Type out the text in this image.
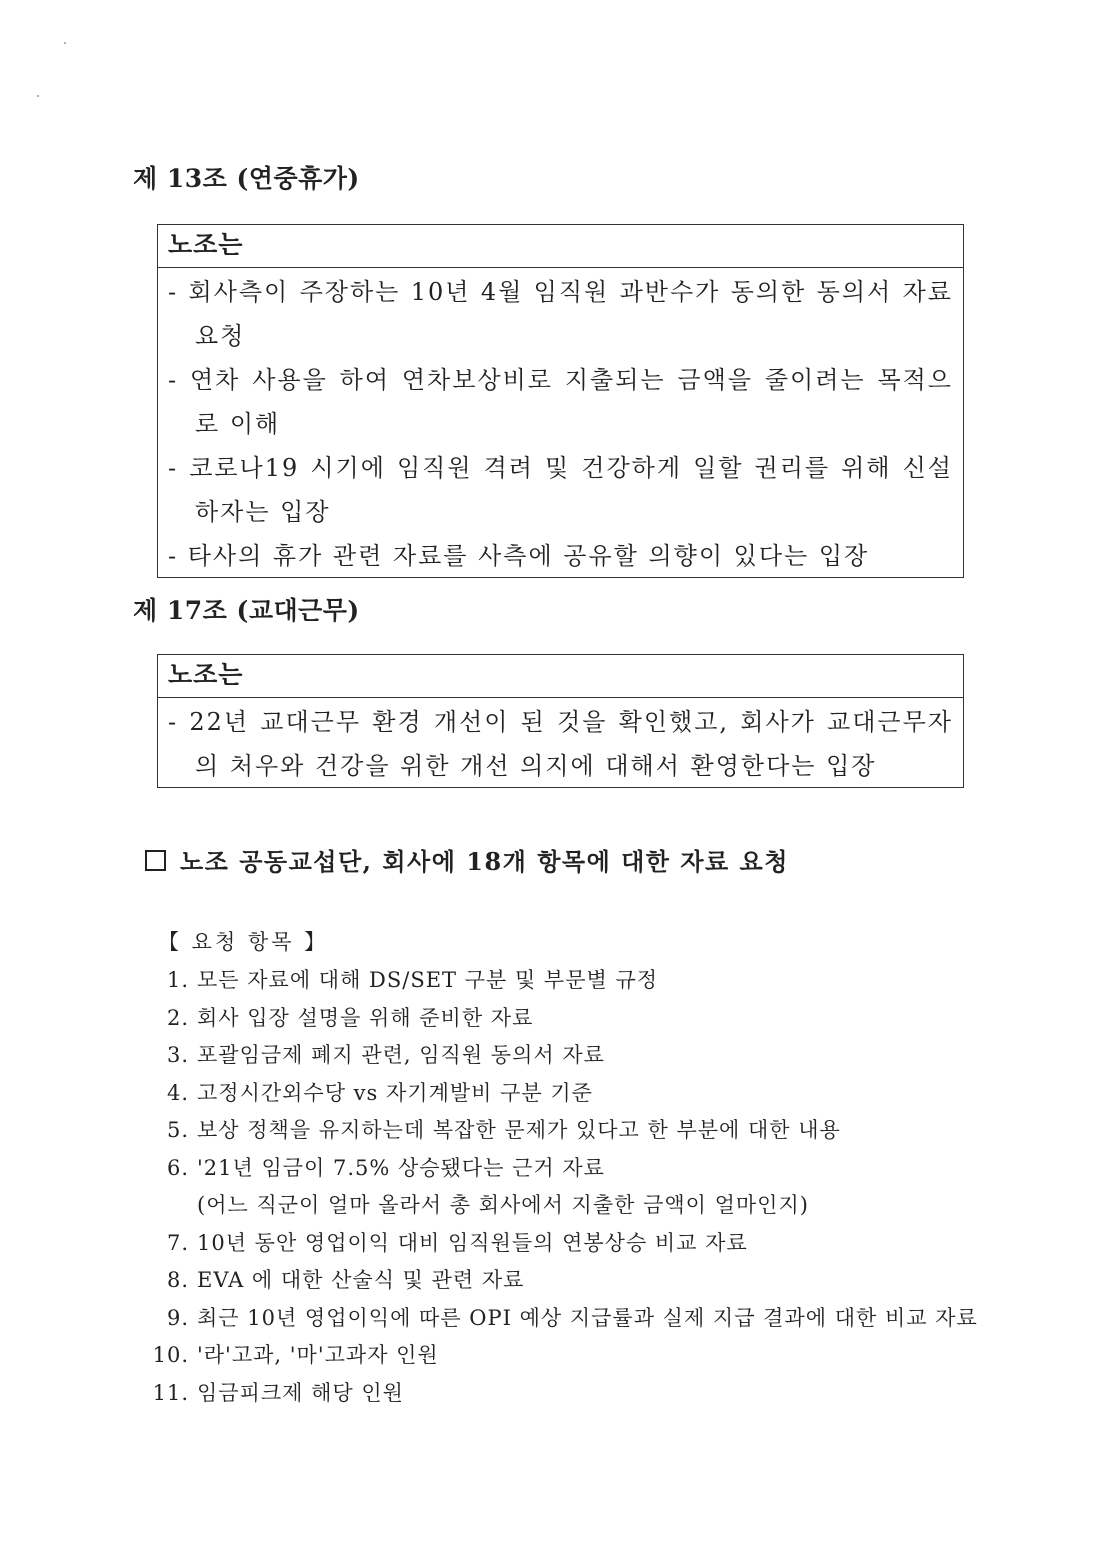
제 13조 (연중휴가)
노조는
- 회사측이 주장하는 10년 4월 임직원 과반수가 동의한 동의서 자료 요청
- 연차 사용을 하여 연차보상비로 지출되는 금액을 줄이려는 목적으로 이해
- 코로나19 시기에 임직원 격려 및 건강하게 일할 권리를 위해 신설하자는 입장
- 타사의 휴가 관련 자료를 사측에 공유할 의향이 있다는 입장
제 17조 (교대근무)
노조는
- 22년 교대근무 환경 개선이 된 것을 확인했고, 회사가 교대근무자의 처우와 건강을 위한 개선 의지에 대해서 환영한다는 입장
노조 공동교섭단, 회사에 18개 항목에 대한 자료 요청
【 요청 항목 】
1. 모든 자료에 대해 DS/SET 구분 및 부문별 규정
2. 회사 입장 설명을 위해 준비한 자료
3. 포괄임금제 폐지 관련, 임직원 동의서 자료
4. 고정시간외수당 vs 자기계발비 구분 기준
5. 보상 정책을 유지하는데 복잡한 문제가 있다고 한 부분에 대한 내용
6. '21년 임금이 7.5% 상승됐다는 근거 자료
(어느 직군이 얼마 올라서 총 회사에서 지출한 금액이 얼마인지)
7. 10년 동안 영업이익 대비 임직원들의 연봉상승 비교 자료
8. EVA 에 대한 산술식 및 관련 자료
9. 최근 10년 영업이익에 따른 OPI 예상 지급률과 실제 지급 결과에 대한 비교 자료
10. '라'고과, '마'고과자 인원
11. 임금피크제 해당 인원
